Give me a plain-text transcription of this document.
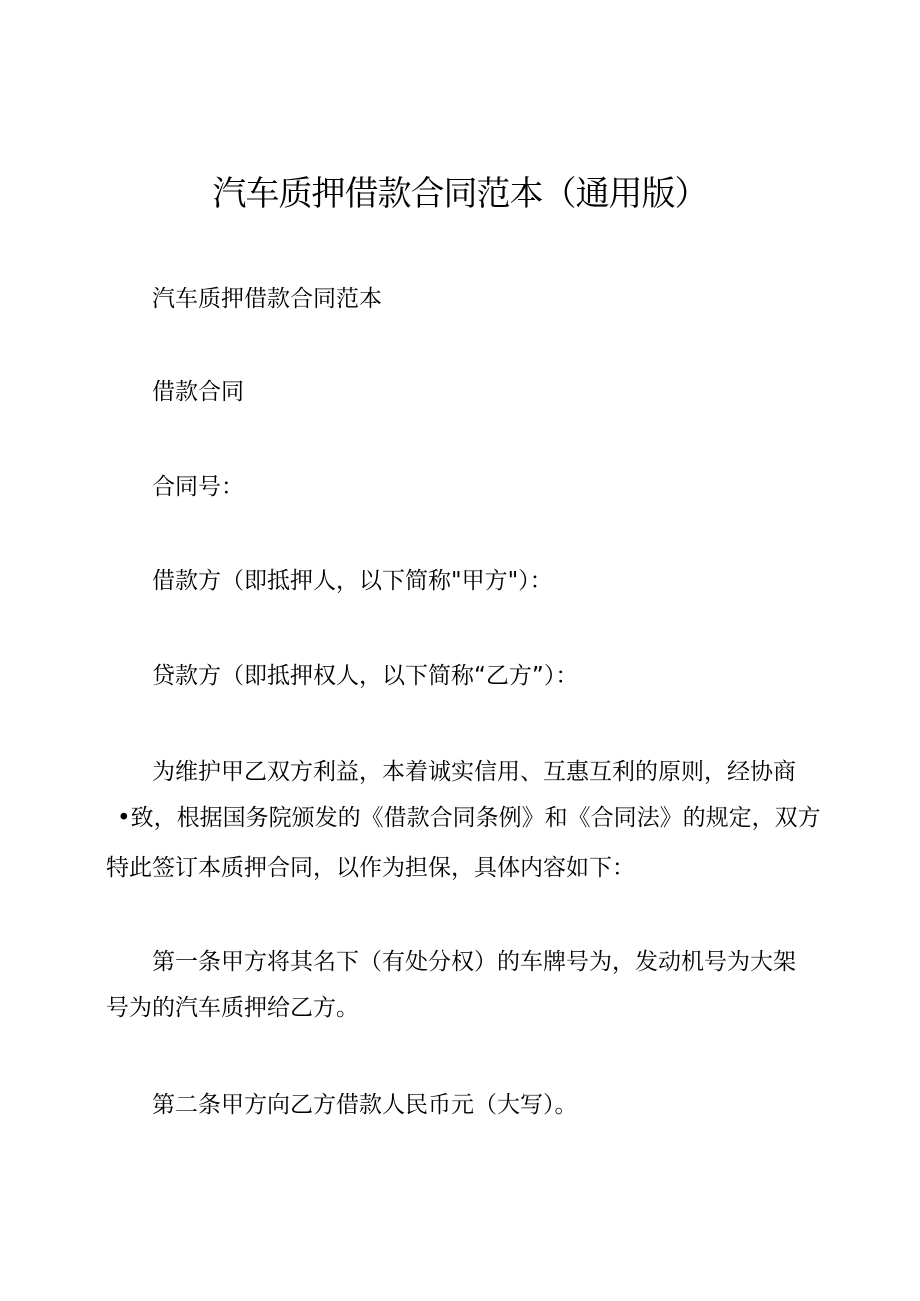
汽车质押借款合同范本（通用版）
汽车质押借款合同范本
借款合同
合同号：
借款方（即抵押人，以下简称"甲方"）：
贷款方（即抵押权人，以下简称“乙方”）：
为维护甲乙双方利益，本着诚实信用、互惠互利的原则，经协商
•致，根据国务院颁发的《借款合同条例》和《合同法》的规定，双方
特此签订本质押合同，以作为担保，具体内容如下：
第一条甲方将其名下（有处分权）的车牌号为，发动机号为大架
号为的汽车质押给乙方。
第二条甲方向乙方借款人民币元（大写）。
